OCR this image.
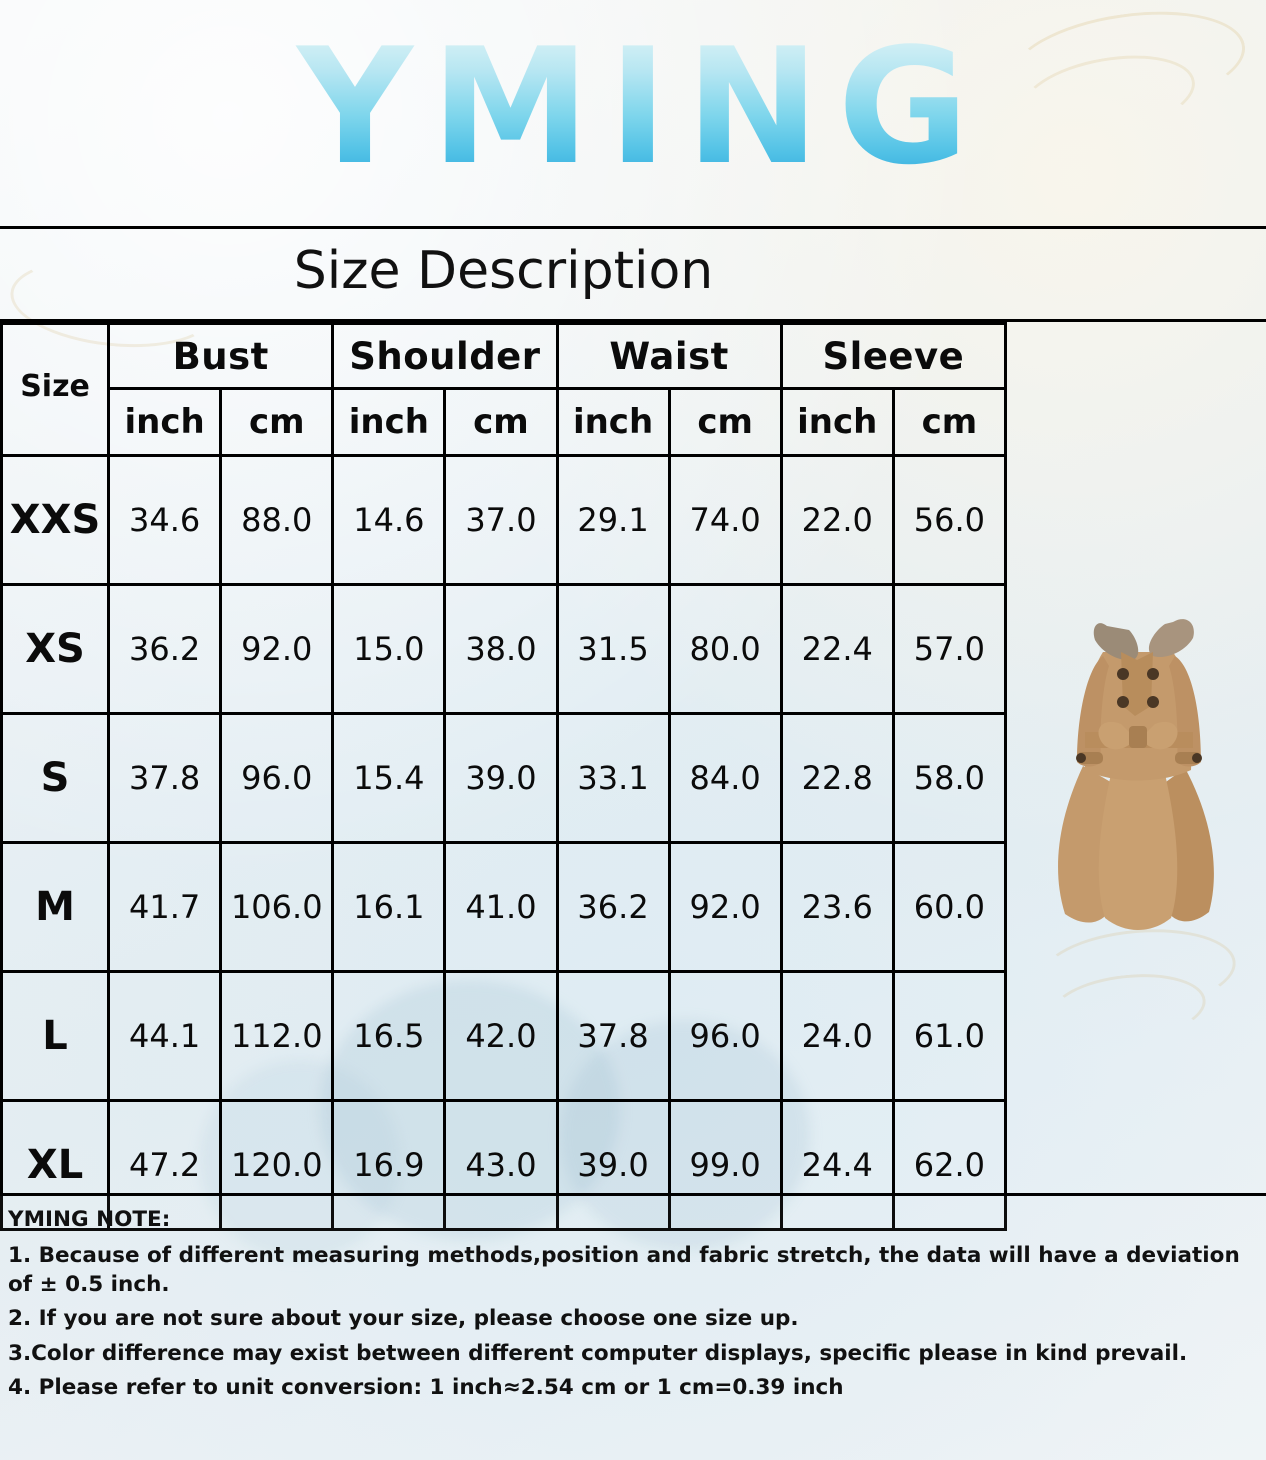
YMING
Size Description
Size	Bust		Shoulder		Waist		Sleeve	
	inch	cm	inch	cm	inch	cm	inch	cm
XXS	34.6	88.0	14.6	37.0	29.1	74.0	22.0	56.0
XS	36.2	92.0	15.0	38.0	31.5	80.0	22.4	57.0
S	37.8	96.0	15.4	39.0	33.1	84.0	22.8	58.0
M	41.7	106.0	16.1	41.0	36.2	92.0	23.6	60.0
L	44.1	112.0	16.5	42.0	37.8	96.0	24.0	61.0
XL	47.2	120.0	16.9	43.0	39.0	99.0	24.4	62.0

YMING NOTE:

1. Because of different measuring methods,position and fabric stretch, the data will have a deviation of ± 0.5 inch.

2. If you are not sure about your size, please choose one size up.

3.Color difference may exist between different computer displays, specific please in kind prevail.

4. Please refer to unit conversion: 1 inch≈2.54 cm or 1 cm=0.39 inch
